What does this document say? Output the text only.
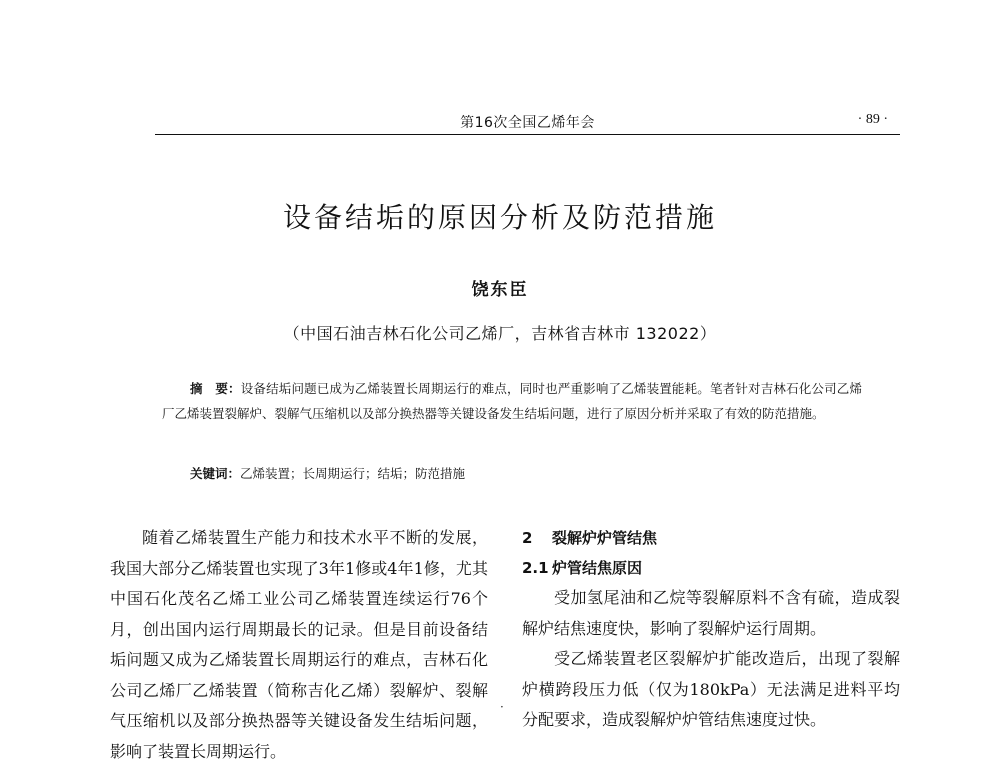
第16次全国乙烯年会	· 89 ·
设备结垢的原因分析及防范措施
饶东臣
（中国石油吉林石化公司乙烯厂，吉林省吉林市 132022）
摘　要：设备结垢问题已成为乙烯装置长周期运行的难点，同时也严重影响了乙烯装置能耗。笔者针对吉林石化公司乙烯厂乙烯装置裂解炉、裂解气压缩机以及部分换热器等关键设备发生结垢问题，进行了原因分析并采取了有效的防范措施。
关键词：乙烯装置；长周期运行；结垢；防范措施

随着乙烯装置生产能力和技术水平不断的发展，我国大部分乙烯装置也实现了3年1修或4年1修，尤其中国石化茂名乙烯工业公司乙烯装置连续运行76个月，创出国内运行周期最长的记录。但是目前设备结垢问题又成为乙烯装置长周期运行的难点，吉林石化公司乙烯厂乙烯装置（简称吉化乙烯）裂解炉、裂解气压缩机以及部分换热器等关键设备发生结垢问题，影响了装置长周期运行。

2 裂解炉炉管结焦
2.1 炉管结焦原因

受加氢尾油和乙烷等裂解原料不含有硫，造成裂解炉结焦速度快，影响了裂解炉运行周期。

受乙烯装置老区裂解炉扩能改造后，出现了裂解炉横跨段压力低（仅为180kPa）无法满足进料平均分配要求，造成裂解炉炉管结焦速度过快。

·
